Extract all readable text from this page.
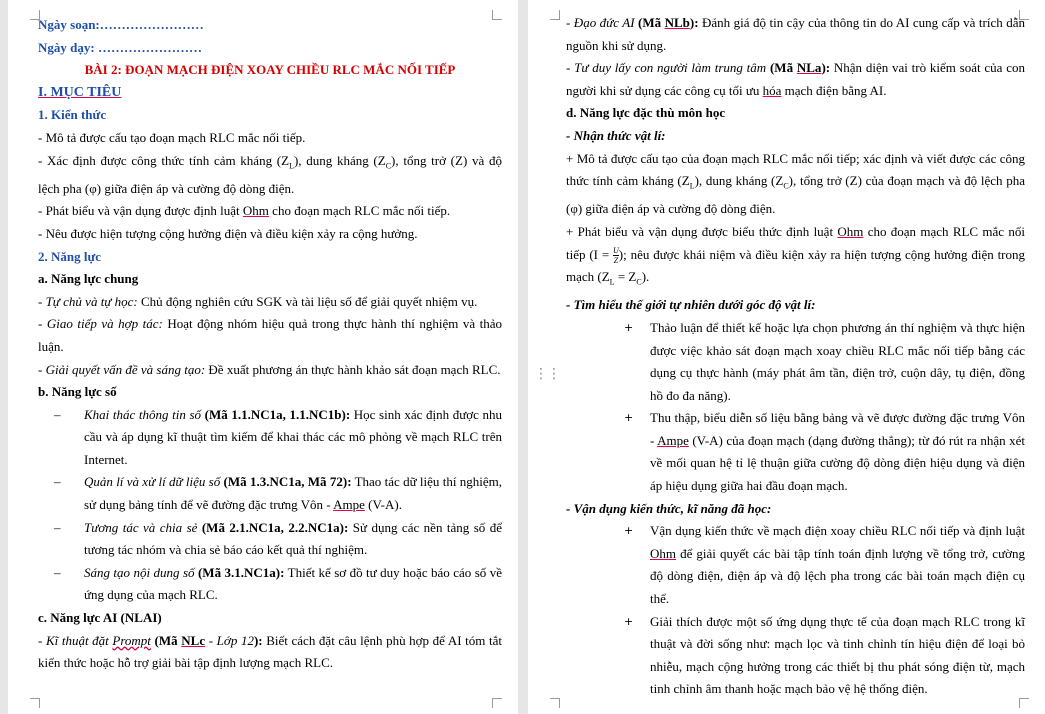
Ngày soạn:……………………

Ngày dạy: ……………………

BÀI 2: ĐOẠN MẠCH ĐIỆN XOAY CHIỀU RLC MẮC NỐI TIẾP

I. MỤC TIÊU

1. Kiến thức

- Mô tả được cấu tạo đoạn mạch RLC mắc nối tiếp.

- Xác định được công thức tính cảm kháng $(Z_L)$, dung kháng $(Z_C)$, tổng trở (Z) và độ lệch pha (φ) giữa điện áp và cường độ dòng điện.

- Phát biểu và vận dụng được định luật Ohm cho đoạn mạch RLC mắc nối tiếp.

- Nêu được hiện tượng cộng hưởng điện và điều kiện xảy ra cộng hưởng.

2. Năng lực

a. Năng lực chung

- Tự chủ và tự học: Chủ động nghiên cứu SGK và tài liệu số để giải quyết nhiệm vụ.

- Giao tiếp và hợp tác: Hoạt động nhóm hiệu quả trong thực hành thí nghiệm và thảo luận.

- Giải quyết vấn đề và sáng tạo: Đề xuất phương án thực hành khảo sát đoạn mạch RLC.

b. Năng lực số

– Khai thác thông tin số (Mã 1.1.NC1a, 1.1.NC1b): Học sinh xác định được nhu cầu và áp dụng kĩ thuật tìm kiếm để khai thác các mô phỏng về mạch RLC trên Internet.

– Quản lí và xử lí dữ liệu số (Mã 1.3.NC1a, Mã 72): Thao tác dữ liệu thí nghiệm, sử dụng bảng tính để vẽ đường đặc trưng Vôn - Ampe (V-A).

– Tương tác và chia sẻ (Mã 2.1.NC1a, 2.2.NC1a): Sử dụng các nền tảng số để tương tác nhóm và chia sẻ báo cáo kết quả thí nghiệm.

– Sáng tạo nội dung số (Mã 3.1.NC1a): Thiết kế sơ đồ tư duy hoặc báo cáo số về ứng dụng của mạch RLC.

c. Năng lực AI (NLAI)

- Kĩ thuật đặt Prompt (Mã NLc - Lớp 12): Biết cách đặt câu lệnh phù hợp để AI tóm tắt kiến thức hoặc hỗ trợ giải bài tập định lượng mạch RLC.

- Đạo đức AI (Mã NLb): Đánh giá độ tin cậy của thông tin do AI cung cấp và trích dẫn nguồn khi sử dụng.

- Tư duy lấy con người làm trung tâm (Mã NLa): Nhận diện vai trò kiểm soát của con người khi sử dụng các công cụ tối ưu hóa mạch điện bằng AI.

d. Năng lực đặc thù môn học

- Nhận thức vật lí:

+ Mô tả được cấu tạo của đoạn mạch RLC mắc nối tiếp; xác định và viết được các công thức tính cảm kháng $(Z_L)$, dung kháng $(Z_C)$, tổng trở (Z) của đoạn mạch và độ lệch pha (φ) giữa điện áp và cường độ dòng điện.

+ Phát biểu và vận dụng được biểu thức định luật Ohm cho đoạn mạch RLC mắc nối tiếp ($I = \frac{U}{Z}$ ); nêu được khái niệm và điều kiện xảy ra hiện tượng cộng hưởng điện trong mạch $(Z_L = Z_C)$.

- Tìm hiểu thế giới tự nhiên dưới góc độ vật lí:

+ Thảo luận để thiết kế hoặc lựa chọn phương án thí nghiệm và thực hiện được việc khảo sát đoạn mạch xoay chiều RLC mắc nối tiếp bằng các dụng cụ thực hành (máy phát âm tần, điện trở, cuộn dây, tụ điện, đồng hồ đo đa năng).

+ Thu thập, biểu diễn số liệu bằng bảng và vẽ được đường đặc trưng Vôn - Ampe (V-A) của đoạn mạch (dạng đường thẳng); từ đó rút ra nhận xét về mối quan hệ tỉ lệ thuận giữa cường độ dòng điện hiệu dụng và điện áp hiệu dụng giữa hai đầu đoạn mạch.

- Vận dụng kiến thức, kĩ năng đã học:

+ Vận dụng kiến thức về mạch điện xoay chiều RLC nối tiếp và định luật Ohm để giải quyết các bài tập tính toán định lượng về tổng trở, cường độ dòng điện, điện áp và độ lệch pha trong các bài toán mạch điện cụ thể.

+ Giải thích được một số ứng dụng thực tế của đoạn mạch RLC trong kĩ thuật và đời sống như: mạch lọc và tinh chỉnh tín hiệu điện để loại bỏ nhiễu, mạch cộng hưởng trong các thiết bị thu phát sóng điện từ, mạch tinh chỉnh âm thanh hoặc mạch bảo vệ hệ thống điện.

⋮⋮
